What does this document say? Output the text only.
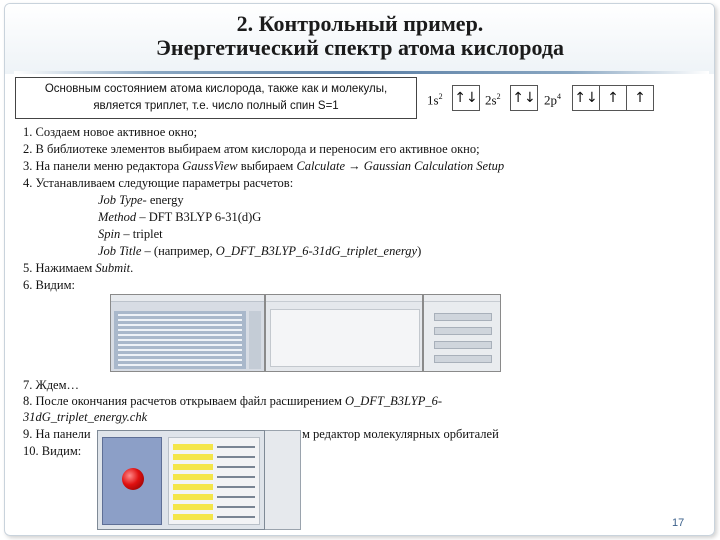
2. Контрольный пример.
Энергетический спектр атома кислорода
Основным состоянием атома кислорода, также как и молекулы,
является триплет, т.е. число полный спин S=1	$1s^2$ ↑↓ $2s^2$ ↑↓ $2p^4$ ↑↓ ↑	↑
1. Создаем новое активное окно;
2. В библиотеке элементов выбираем атом кислорода и переносим его активное окно;
3. На панели меню редактора GaussView выбираем Calculate → Gaussian Calculation Setup
4. Устанавливаем следующие параметры расчетов:
Job Type- energy
Method – DFT B3LYP 6-31(d)G
Spin – triplet
Job Title – (например, O_DFT_B3LYP_6-31dG_triplet_energy)
5. Нажимаем Submit.
6. Видим:
7. Ждем…
8. После окончания расчетов открываем файл расширением O_DFT_B3LYP_6-
31dG_triplet_energy.chk
9. На панели	м редактор молекулярных орбиталей
10. Видим:
17
